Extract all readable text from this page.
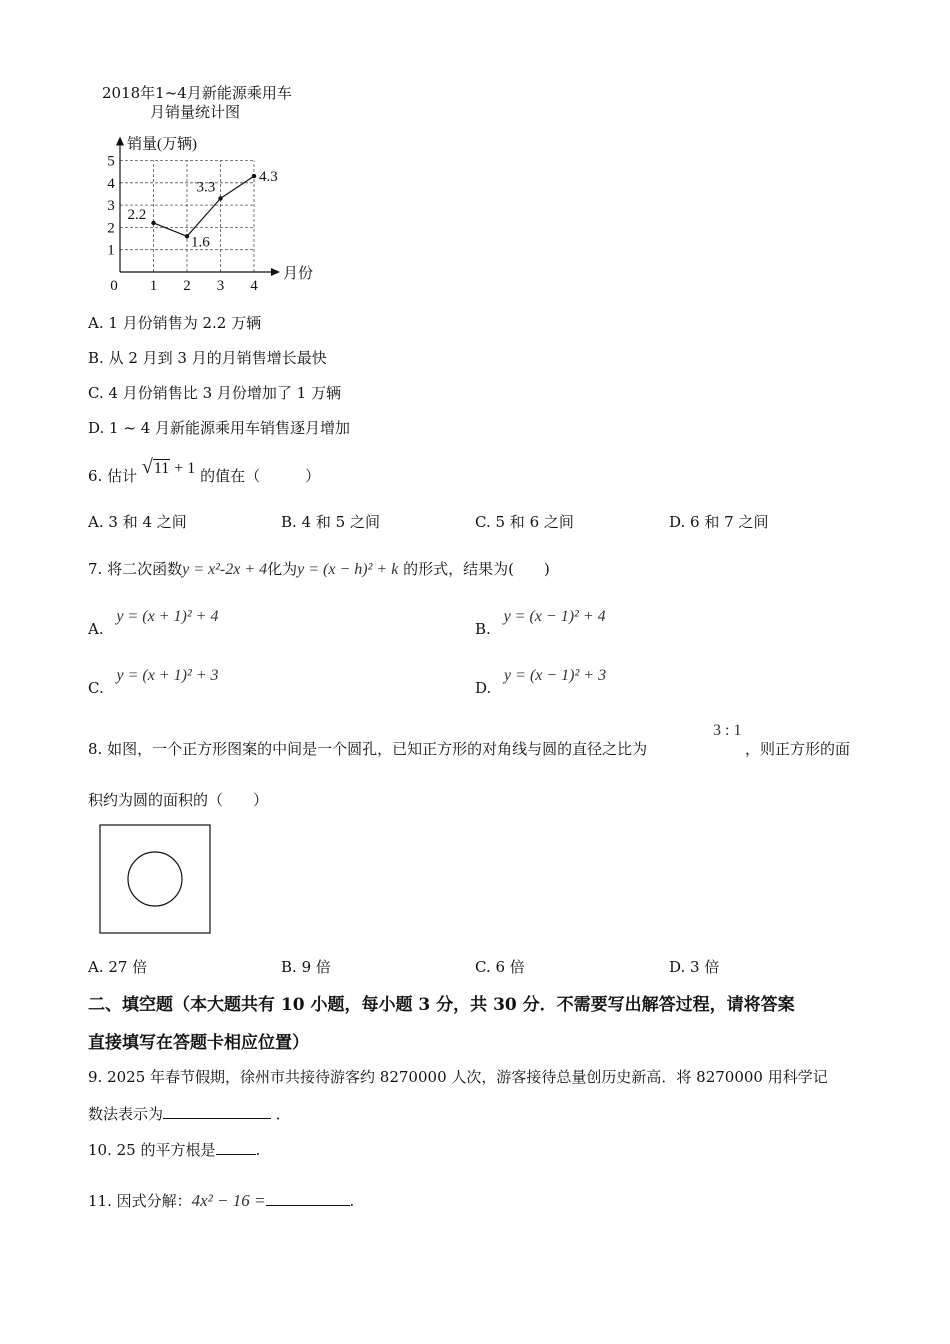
2018年1~4月新能源乘用车
月销量统计图
销量(万辆)
月份
0
1
2
3
4
5
1 2 3 4
2.2
1.6
3.3
4.3
A. 1 月份销售为 2.2 万辆
B. 从 2 月到 3 月的月销售增长最快
C. 4 月份销售比 3 月份增加了 1 万辆
D. 1 ~ 4 月新能源乘用车销售逐月增加
6. 估计 √11 + 1 的值在（　　　）
A. 3 和 4 之间	B. 4 和 5 之间	C. 5 和 6 之间	D. 6 和 7 之间
7. 将二次函数y = x²-2x + 4化为y = (x − h)² + k 的形式，结果为(　　)
A. y = (x + 1)² + 4
B. y = (x − 1)² + 4
C. y = (x + 1)² + 3
D. y = (x − 1)² + 3
8. 如图，一个正方形图案的中间是一个圆孔，已知正方形的对角线与圆的直径之比为
3 : 1
，则正方形的面
积约为圆的面积的（　　）
A. 27 倍	B. 9 倍	C. 6 倍	D. 3 倍
二、填空题（本大题共有 10 小题，每小题 3 分，共 30 分．不需要写出解答过程，请将答案
直接填写在答题卡相应位置）
9. 2025 年春节假期，徐州市共接待游客约 8270000 人次，游客接待总量创历史新高．将 8270000 用科学记
数法表示为	．
10. 25 的平方根是	.
11. 因式分解：4x² − 16 =	.
